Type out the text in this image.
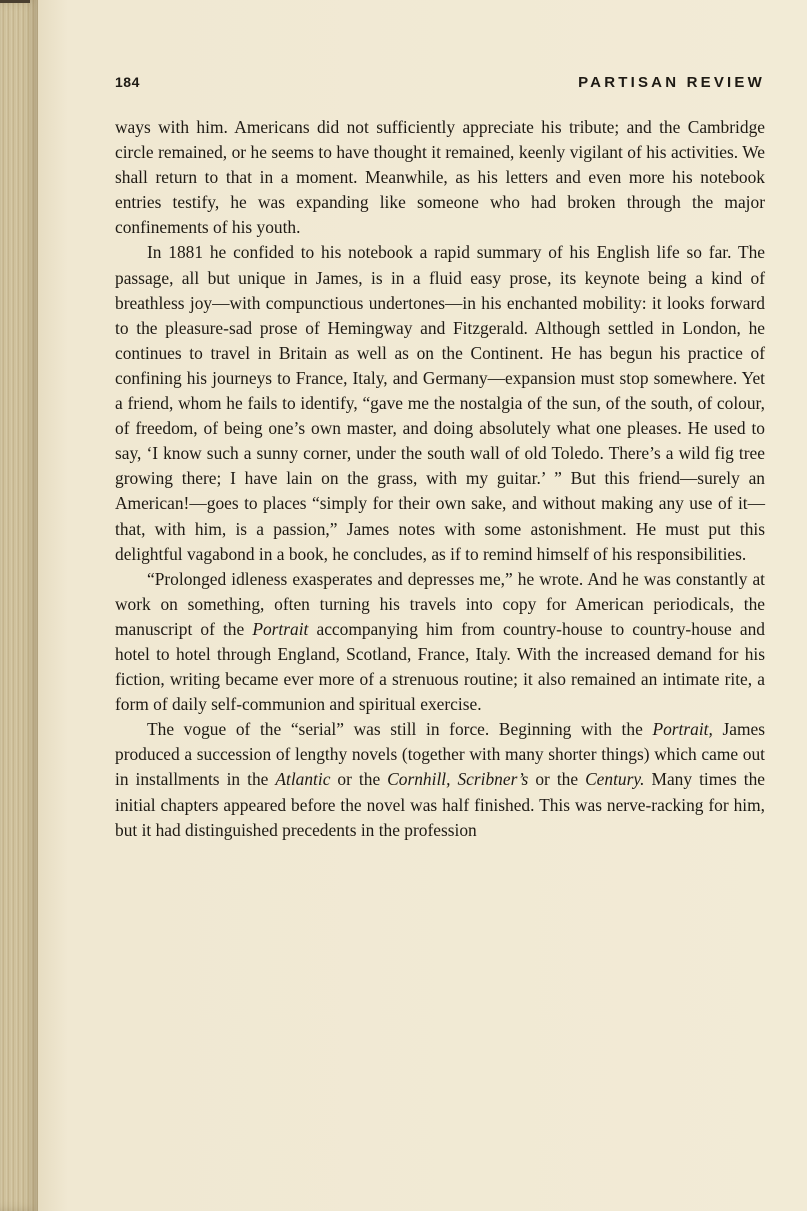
184	PARTISAN REVIEW

ways with him. Americans did not sufficiently appreciate his tribute; and the Cambridge circle remained, or he seems to have thought it remained, keenly vigilant of his activities. We shall return to that in a moment. Meanwhile, as his letters and even more his notebook entries testify, he was expanding like someone who had broken through the major confinements of his youth.

In 1881 he confided to his notebook a rapid summary of his English life so far. The passage, all but unique in James, is in a fluid easy prose, its keynote being a kind of breathless joy—with compunctious undertones—in his enchanted mobility: it looks forward to the pleasure-sad prose of Hemingway and Fitzgerald. Although settled in London, he continues to travel in Britain as well as on the Continent. He has begun his practice of confining his journeys to France, Italy, and Germany—expansion must stop somewhere. Yet a friend, whom he fails to identify, “gave me the nostalgia of the sun, of the south, of colour, of freedom, of being one’s own master, and doing absolutely what one pleases. He used to say, ‘I know such a sunny corner, under the south wall of old Toledo. There’s a wild fig tree growing there; I have lain on the grass, with my guitar.’ ” But this friend—surely an American!—goes to places “simply for their own sake, and without making any use of it—that, with him, is a passion,” James notes with some astonishment. He must put this delightful vagabond in a book, he concludes, as if to remind himself of his responsibilities.

“Prolonged idleness exasperates and depresses me,” he wrote. And he was constantly at work on something, often turning his travels into copy for American periodicals, the manuscript of the Portrait accompanying him from country-house to country-house and hotel to hotel through England, Scotland, France, Italy. With the increased demand for his fiction, writing became ever more of a strenuous routine; it also remained an intimate rite, a form of daily self-communion and spiritual exercise.

The vogue of the “serial” was still in force. Beginning with the Portrait, James produced a succession of lengthy novels (together with many shorter things) which came out in installments in the Atlantic or the Cornhill, Scribner’s or the Century. Many times the initial chapters appeared before the novel was half finished. This was nerve-racking for him, but it had distinguished precedents in the profession
